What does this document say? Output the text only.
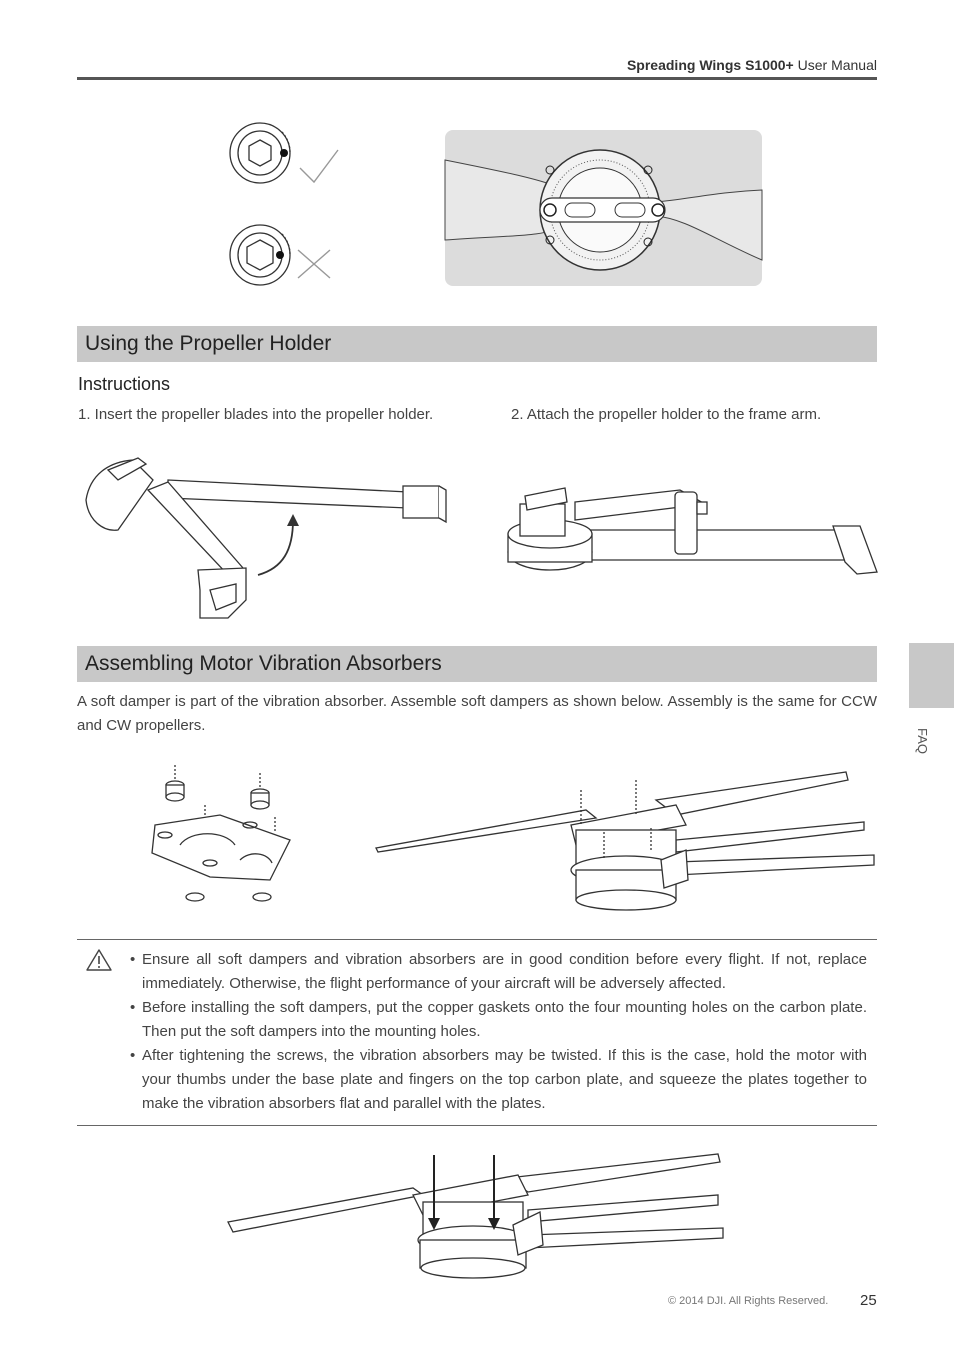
Spreading Wings S1000+ User Manual
Using the Propeller Holder
Instructions
1. Insert the propeller blades into the propeller holder.	2. Attach the propeller holder to the frame arm.
Assembling Motor Vibration Absorbers
A soft damper is part of the vibration absorber. Assemble soft dampers as shown below. Assembly is the same for CCW and CW propellers.
• Ensure all soft dampers and vibration absorbers are in good condition before every flight. If not, replace immediately. Otherwise, the flight performance of your aircraft will be adversely affected.
• Before installing the soft dampers, put the copper gaskets onto the four mounting holes on the carbon plate. Then put the soft dampers into the mounting holes.
• After tightening the screws, the vibration absorbers may be twisted. If this is the case, hold the motor with your thumbs under the base plate and fingers on the top carbon plate, and squeeze the plates together to make the vibration absorbers flat and parallel with the plates.
FAQ
© 2014 DJI. All Rights Reserved. 25
